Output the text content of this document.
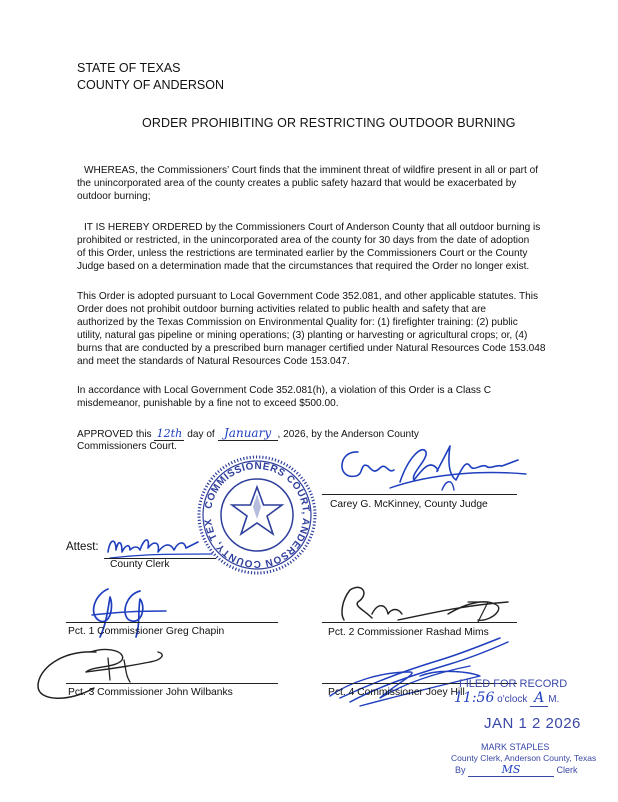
STATE OF TEXAS
COUNTY OF ANDERSON
ORDER PROHIBITING OR RESTRICTING OUTDOOR BURNING
WHEREAS, the Commissioners’ Court finds that the imminent threat of wildfire present in all or part of
the unincorporated area of the county creates a public safety hazard that would be exacerbated by
outdoor burning;
IT IS HEREBY ORDERED by the Commissioners Court of Anderson County that all outdoor burning is
prohibited or restricted, in the unincorporated area of the county for 30 days from the date of adoption
of this Order, unless the restrictions are terminated earlier by the Commissioners Court or the County
Judge based on a determination made that the circumstances that required the Order no longer exist.
This Order is adopted pursuant to Local Government Code 352.081, and other applicable statutes. This
Order does not prohibit outdoor burning activities related to public health and safety that are
authorized by the Texas Commission on Environmental Quality for: (1) firefighter training: (2) public
utility, natural gas pipeline or mining operations; (3) planting or harvesting or agricultural crops; or, (4)
burns that are conducted by a prescribed burn manager certified under Natural Resources Code 153.048
and meet the standards of Natural Resources Code 153.047.
In accordance with Local Government Code 352.081(h), a violation of this Order is a Class C
misdemeanor, punishable by a fine not to exceed $500.00.
APPROVED this 12th day of January , 2026, by the Anderson County
Commissioners Court.
COMMISSIONERS COURT, ANDERSON COUNTY, TEX
Carey G. McKinney, County Judge
Attest:
County Clerk
Pct. 1 Commissioner Greg Chapin	Pct. 2 Commissioner Rashad Mims
Pct. 3 Commissioner John Wilbanks	Pct. 4 Commissioner Joey Hill
FILED FOR RECORD
11:56 o'clock A M.
JAN 1 2 2026
MARK STAPLES
County Clerk, Anderson County, Texas
By	MS	Clerk
